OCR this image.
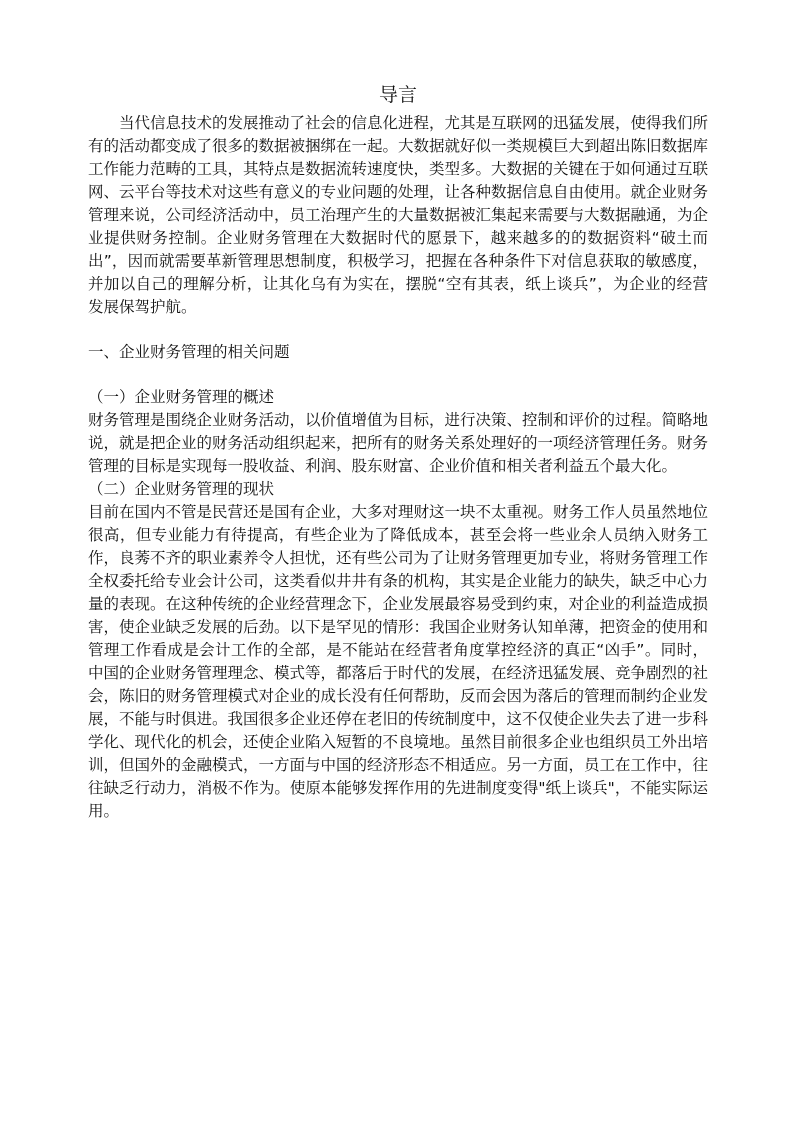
导言

当代信息技术的发展推动了社会的信息化进程，尤其是互联网的迅猛发展，使得我们所有的活动都变成了很多的数据被捆绑在一起。大数据就好似一类规模巨大到超出陈旧数据库工作能力范畴的工具，其特点是数据流转速度快，类型多。大数据的关键在于如何通过互联网、云平台等技术对这些有意义的专业问题的处理，让各种数据信息自由使用。就企业财务管理来说，公司经济活动中，员工治理产生的大量数据被汇集起来需要与大数据融通，为企业提供财务控制。企业财务管理在大数据时代的愿景下，越来越多的的数据资料“破土而出”，因而就需要革新管理思想制度，积极学习，把握在各种条件下对信息获取的敏感度，并加以自己的理解分析，让其化乌有为实在，摆脱“空有其表，纸上谈兵”，为企业的经营发展保驾护航。

一、企业财务管理的相关问题
（一）企业财务管理的概述

财务管理是围绕企业财务活动，以价值增值为目标，进行决策、控制和评价的过程。简略地说，就是把企业的财务活动组织起来，把所有的财务关系处理好的一项经济管理任务。财务管理的目标是实现每一股收益、利润、股东财富、企业价值和相关者利益五个最大化。

（二）企业财务管理的现状

目前在国内不管是民营还是国有企业，大多对理财这一块不太重视。财务工作人员虽然地位很高，但专业能力有待提高，有些企业为了降低成本，甚至会将一些业余人员纳入财务工作，良莠不齐的职业素养令人担忧，还有些公司为了让财务管理更加专业，将财务管理工作全权委托给专业会计公司，这类看似井井有条的机构，其实是企业能力的缺失，缺乏中心力量的表现。在这种传统的企业经营理念下，企业发展最容易受到约束，对企业的利益造成损害，使企业缺乏发展的后劲。以下是罕见的情形：我国企业财务认知单薄，把资金的使用和管理工作看成是会计工作的全部，是不能站在经营者角度掌控经济的真正“凶手”。同时，中国的企业财务管理理念、模式等，都落后于时代的发展，在经济迅猛发展、竞争剧烈的社会，陈旧的财务管理模式对企业的成长没有任何帮助，反而会因为落后的管理而制约企业发展，不能与时俱进。我国很多企业还停在老旧的传统制度中，这不仅使企业失去了进一步科学化、现代化的机会，还使企业陷入短暂的不良境地。虽然目前很多企业也组织员工外出培训，但国外的金融模式，一方面与中国的经济形态不相适应。另一方面，员工在工作中，往往缺乏行动力，消极不作为。使原本能够发挥作用的先进制度变得"纸上谈兵"，不能实际运用。
